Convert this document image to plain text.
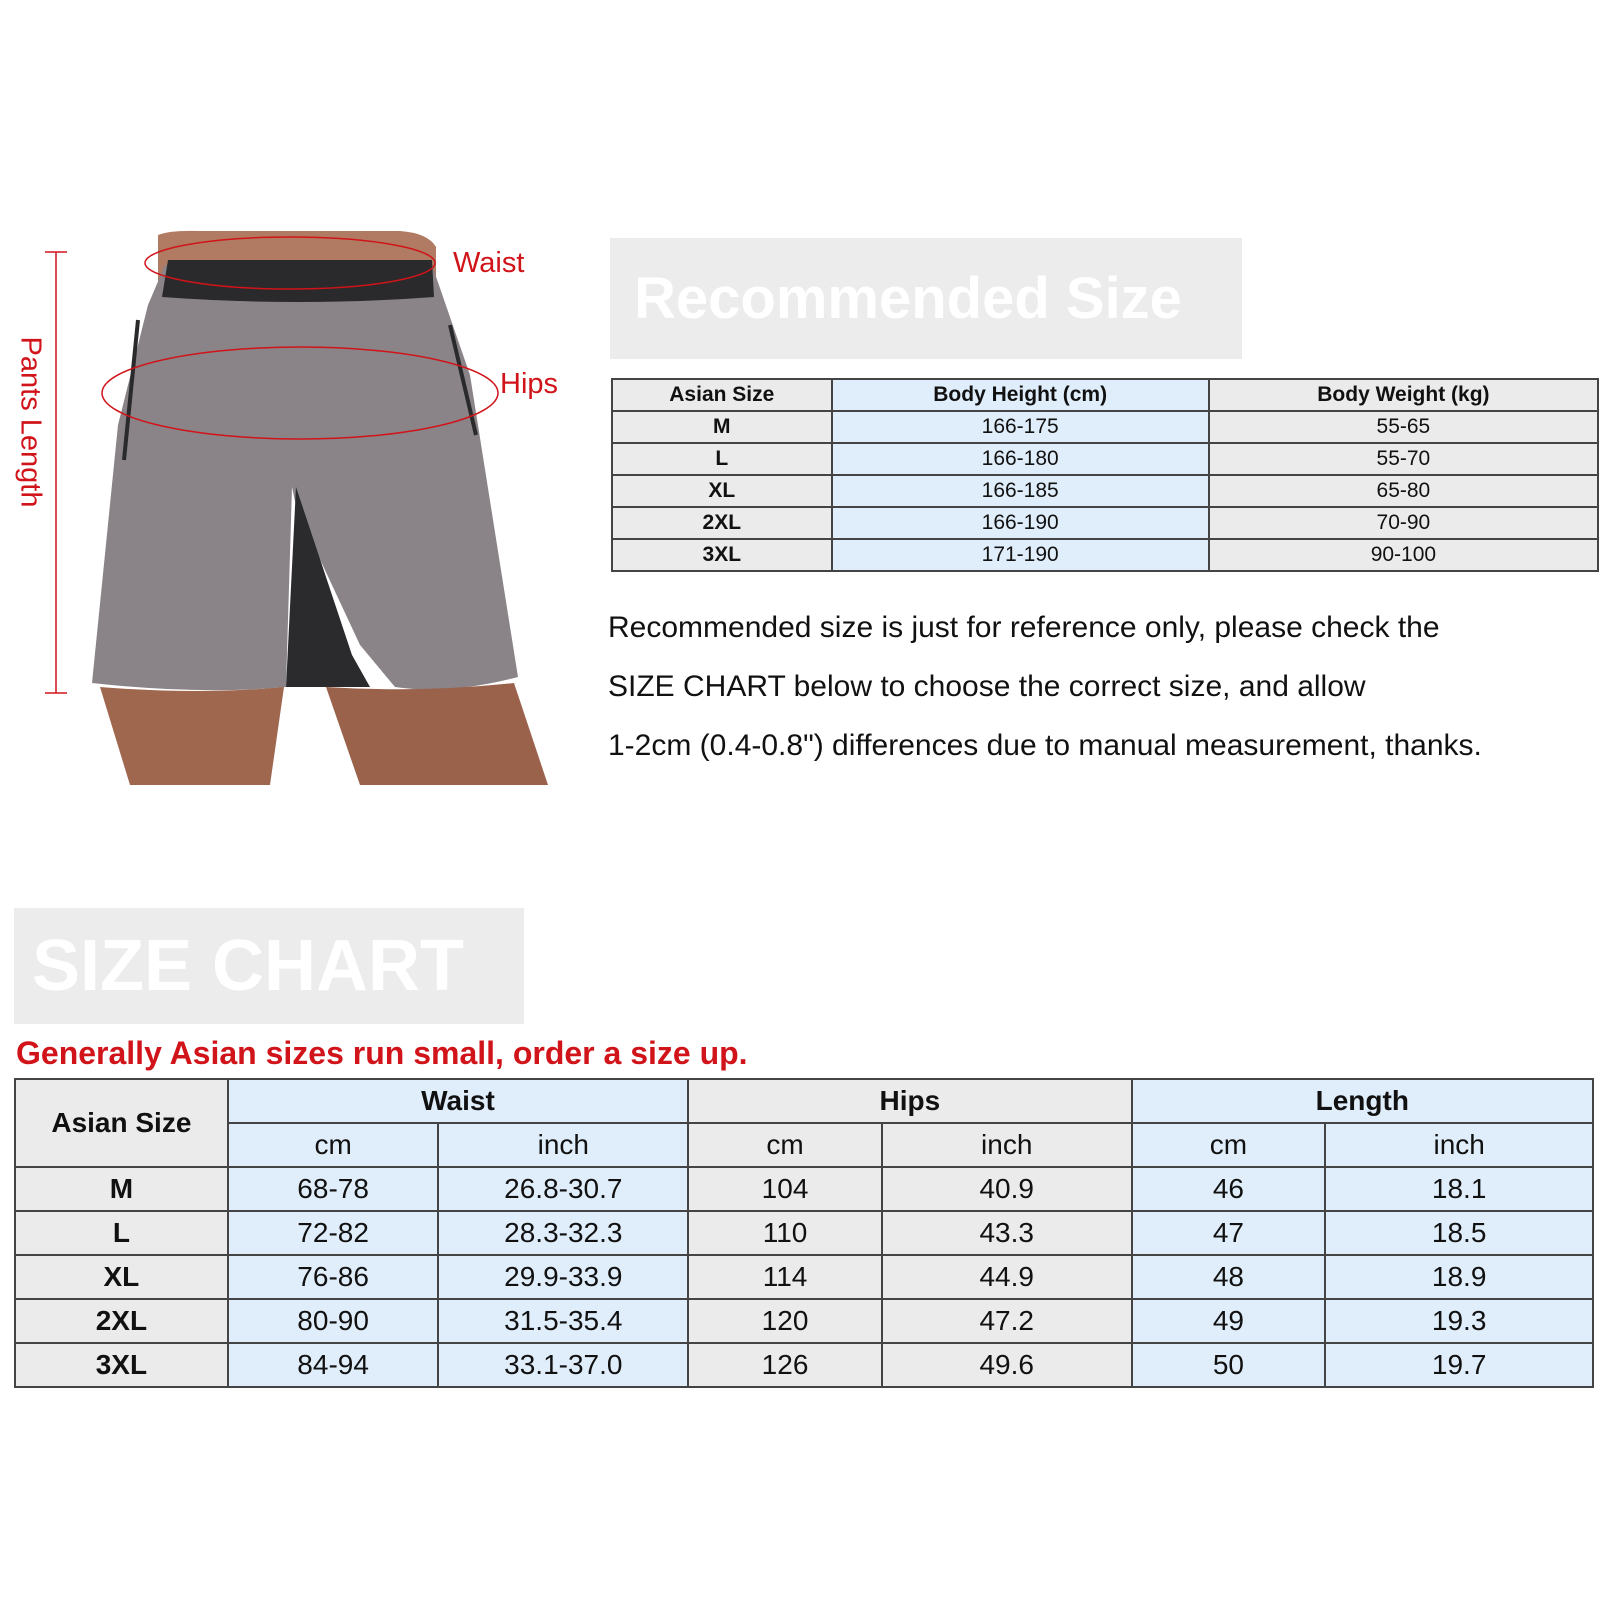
Waist
Hips
Pants Length
Recommended Size
Asian Size	Body Height (cm)	Body Weight (kg)
M	166-175	55-65
L	166-180	55-70
XL	166-185	65-80
2XL	166-190	70-90
3XL	171-190	90-100
Recommended size is just for reference only, please check the
SIZE CHART below to choose the correct size, and allow
1-2cm (0.4-0.8") differences due to manual measurement, thanks.
SIZE CHART
Generally Asian sizes run small, order a size up.
Asian Size	Waist		Hips		Length	
	cm	inch	cm	inch	cm	inch
M	68-78	26.8-30.7	104	40.9	46	18.1
L	72-82	28.3-32.3	110	43.3	47	18.5
XL	76-86	29.9-33.9	114	44.9	48	18.9
2XL	80-90	31.5-35.4	120	47.2	49	19.3
3XL	84-94	33.1-37.0	126	49.6	50	19.7
